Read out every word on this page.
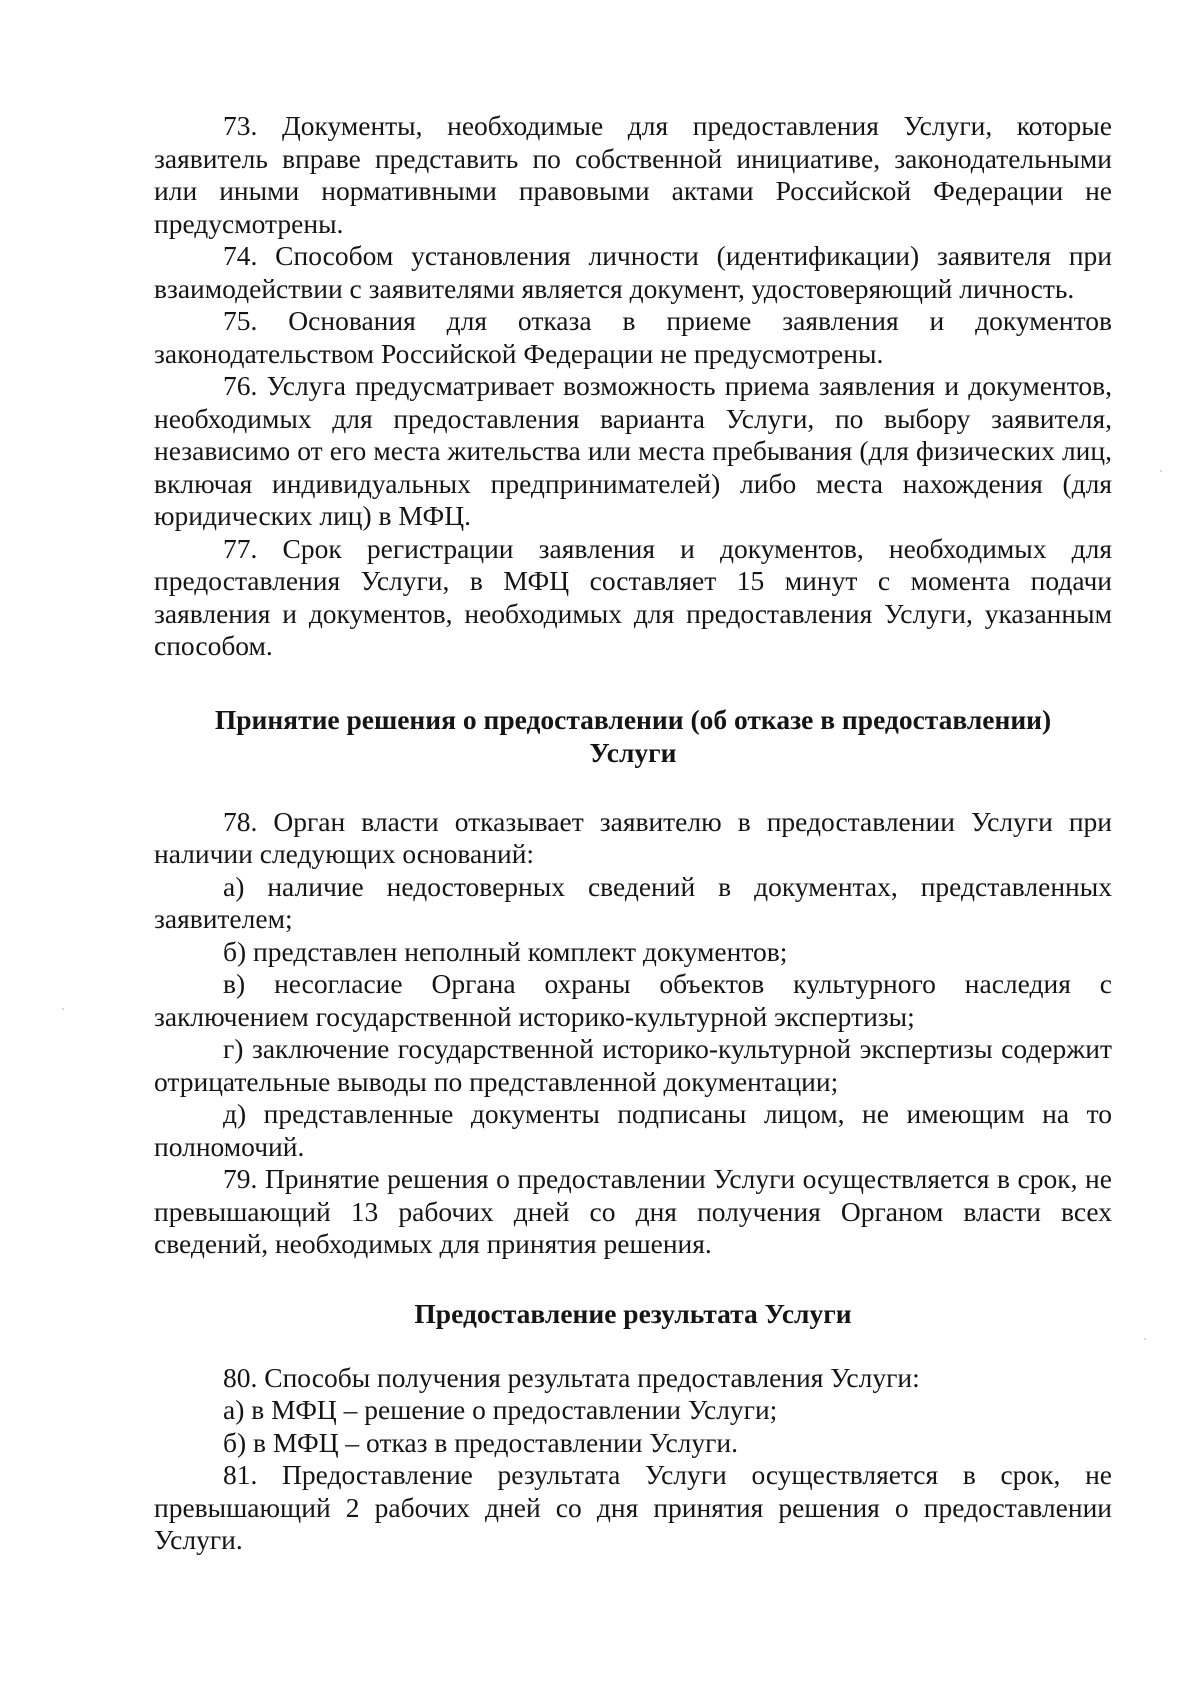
73. Документы, необходимые для предоставления Услуги, которые заявитель вправе представить по собственной инициативе, законодательными или иными нормативными правовыми актами Российской Федерации не предусмотрены.

74. Способом установления личности (идентификации) заявителя при взаимодействии с заявителями является документ, удостоверяющий личность.

75. Основания для отказа в приеме заявления и документов законодательством Российской Федерации не предусмотрены.

76. Услуга предусматривает возможность приема заявления и документов, необходимых для предоставления варианта Услуги, по выбору заявителя, независимо от его места жительства или места пребывания (для физических лиц, включая индивидуальных предпринимателей) либо места нахождения (для юридических лиц) в МФЦ.

77. Срок регистрации заявления и документов, необходимых для предоставления Услуги, в МФЦ составляет 15 минут с момента подачи заявления и документов, необходимых для предоставления Услуги, указанным способом.

Принятие решения о предоставлении (об отказе в предоставлении)
Услуги

78. Орган власти отказывает заявителю в предоставлении Услуги при наличии следующих оснований:

а) наличие недостоверных сведений в документах, представленных заявителем;

б) представлен неполный комплект документов;

в) несогласие Органа охраны объектов культурного наследия с заключением государственной историко-культурной экспертизы;

г) заключение государственной историко-культурной экспертизы содержит отрицательные выводы по представленной документации;

д) представленные документы подписаны лицом, не имеющим на то полномочий.

79. Принятие решения о предоставлении Услуги осуществляется в срок, не превышающий 13 рабочих дней со дня получения Органом власти всех сведений, необходимых для принятия решения.

Предоставление результата Услуги

80. Способы получения результата предоставления Услуги:

а) в МФЦ – решение о предоставлении Услуги;

б) в МФЦ – отказ в предоставлении Услуги.

81. Предоставление результата Услуги осуществляется в срок, не превышающий 2 рабочих дней со дня принятия решения о предоставлении Услуги.
